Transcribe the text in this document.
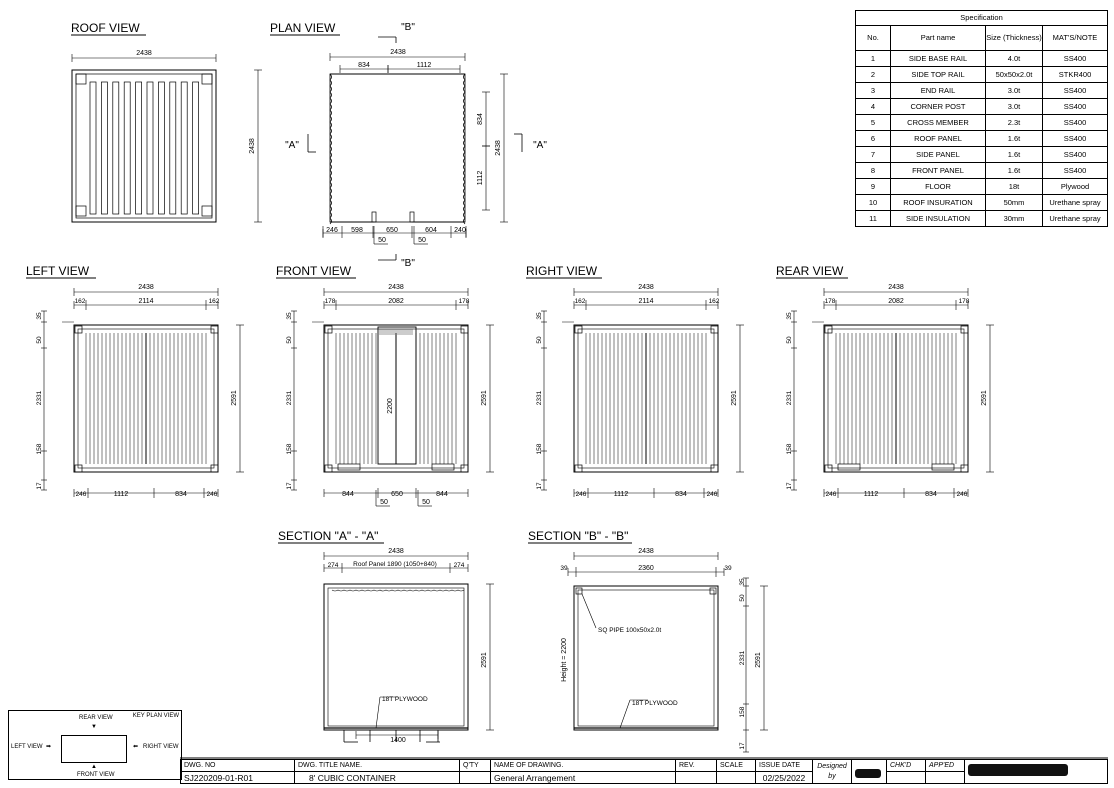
ROOF VIEW
2438
2438
PLAN VIEW	"B"
2438
834	1112
834
1112
2438
"A"	"A"
246 598	650	604 240
50	50
"B"
LEFT VIEW
2438
162	2114	162
35
50
2331
158
17
2591
246	1112	834	246
FRONT VIEW
2438
178	2082	178
35
50
2331
158
17
2591
2200
844	650	844
50	50
RIGHT VIEW
2438
162	2114	162
35
50
2331
158
17
2591
246	1112	834	246
REAR VIEW
2438
178	2082	178
35
50
2331
158
17
2591
246	1112	834	246
SECTION "A" - "A"
2438
274 Roof Panel 1890 (1050+840)	274
18T PLYWOOD
1400
2591
SECTION "B" - "B"
2438
39	2360	39
SQ PIPE 100x50x2.0t
Height = 2200
18T PLYWOOD
35
50
2331
158
17
2591
Specification			
No.	Part name	Size (Thickness)	MAT'S/NOTE
1	SIDE BASE RAIL	4.0t	SS400
2	SIDE TOP RAIL	50x50x2.0t	STKR400
3	END RAIL	3.0t	SS400
4	CORNER POST	3.0t	SS400
5	CROSS MEMBER	2.3t	SS400
6	ROOF PANEL	1.6t	SS400
7	SIDE PANEL	1.6t	SS400
8	FRONT PANEL	1.6t	SS400
9	FLOOR	18t	Plywood
10	ROOF INSURATION	50mm	Urethane spray
11	SIDE INSULATION	30mm	Urethane spray
KEY PLAN VIEW
REAR VIEW
▼
LEFT VIEW ➡	⬅ RIGHT VIEW
▲
FRONT VIEW
DWG. NO	DWG. TITLE NAME.	Q'TY	NAME OF DRAWING.	REV.	SCALE	ISSUE DATE	Designed
by		CHK'D	APP'ED	
SJ220209-01-R01	8' CUBIC CONTAINER		General Arrangement			02/25/2022					
